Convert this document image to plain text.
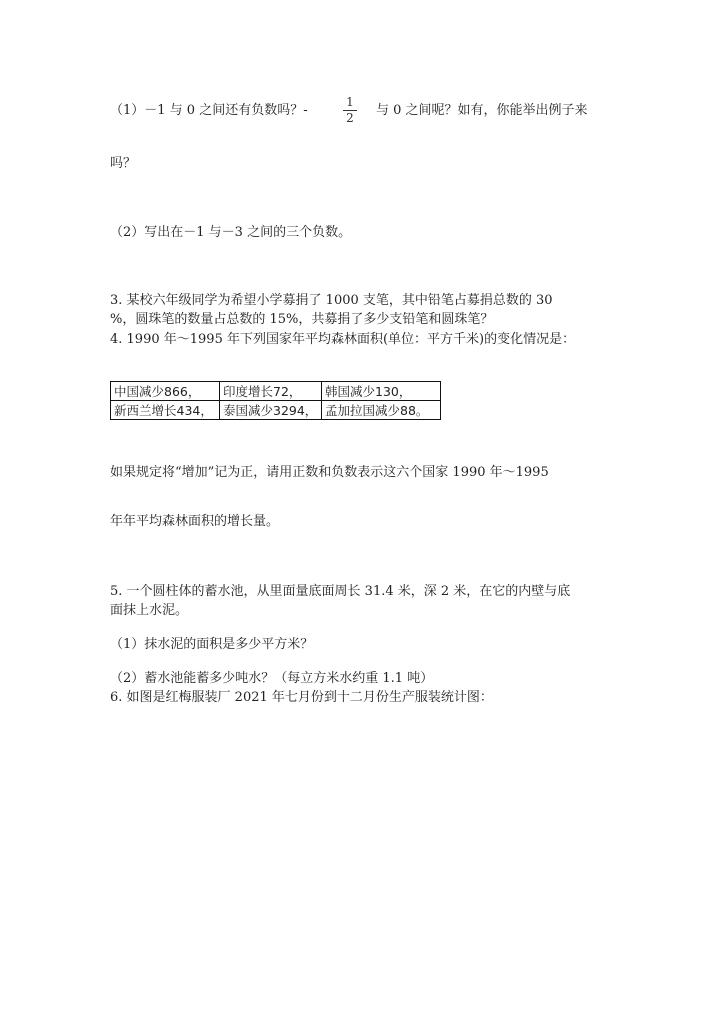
（1）－1 与 0 之间还有负数吗？-
1
2 与 0 之间呢？如有，你能举出例子来
吗？
（2）写出在－1 与－3 之间的三个负数。
3. 某校六年级同学为希望小学募捐了 1000 支笔，其中铅笔占募捐总数的 30
%，圆珠笔的数量占总数的 15%，共募捐了多少支铅笔和圆珠笔？
4. 1990 年～1995 年下列国家年平均森林面积(单位：平方千米)的变化情况是：
中国减少866，	印度增长72，	韩国减少130，
新西兰增长434，	泰国减少3294，	孟加拉国减少88。
如果规定将“增加”记为正，请用正数和负数表示这六个国家 1990 年～1995
年年平均森林面积的增长量。
5. 一个圆柱体的蓄水池，从里面量底面周长 31.4 米，深 2 米，在它的内壁与底
面抹上水泥。
（1）抹水泥的面积是多少平方米？
（2）蓄水池能蓄多少吨水？（每立方米水约重 1.1 吨）
6. 如图是红梅服装厂 2021 年七月份到十二月份生产服装统计图：
